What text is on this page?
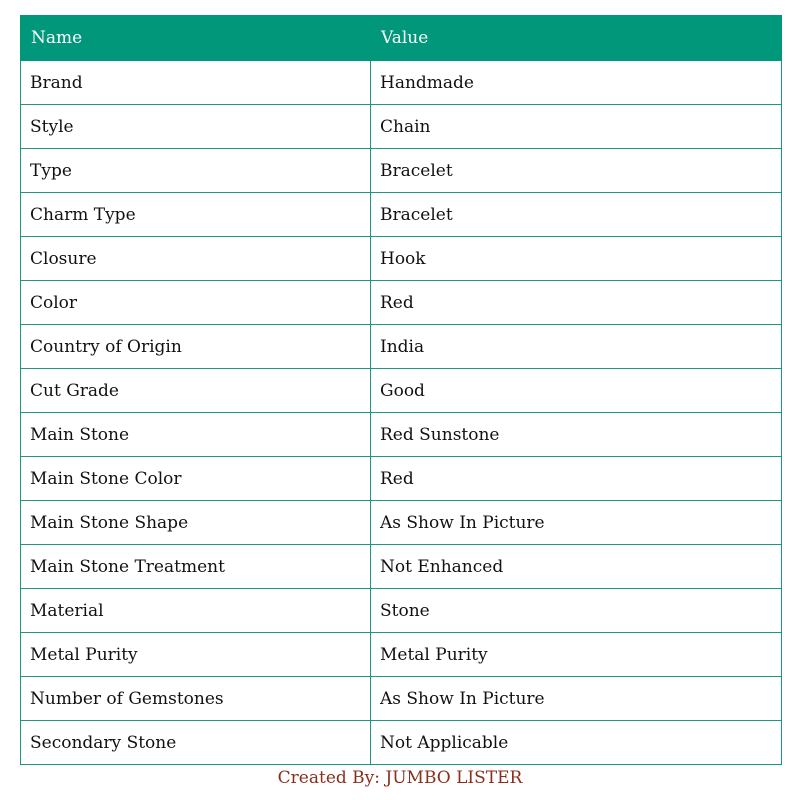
Name	Value
Brand	Handmade
Style	Chain
Type	Bracelet
Charm Type	Bracelet
Closure	Hook
Color	Red
Country of Origin	India
Cut Grade	Good
Main Stone	Red Sunstone
Main Stone Color	Red
Main Stone Shape	As Show In Picture
Main Stone Treatment	Not Enhanced
Material	Stone
Metal Purity	Metal Purity
Number of Gemstones	As Show In Picture
Secondary Stone	Not Applicable
Created By: JUMBO LISTER
